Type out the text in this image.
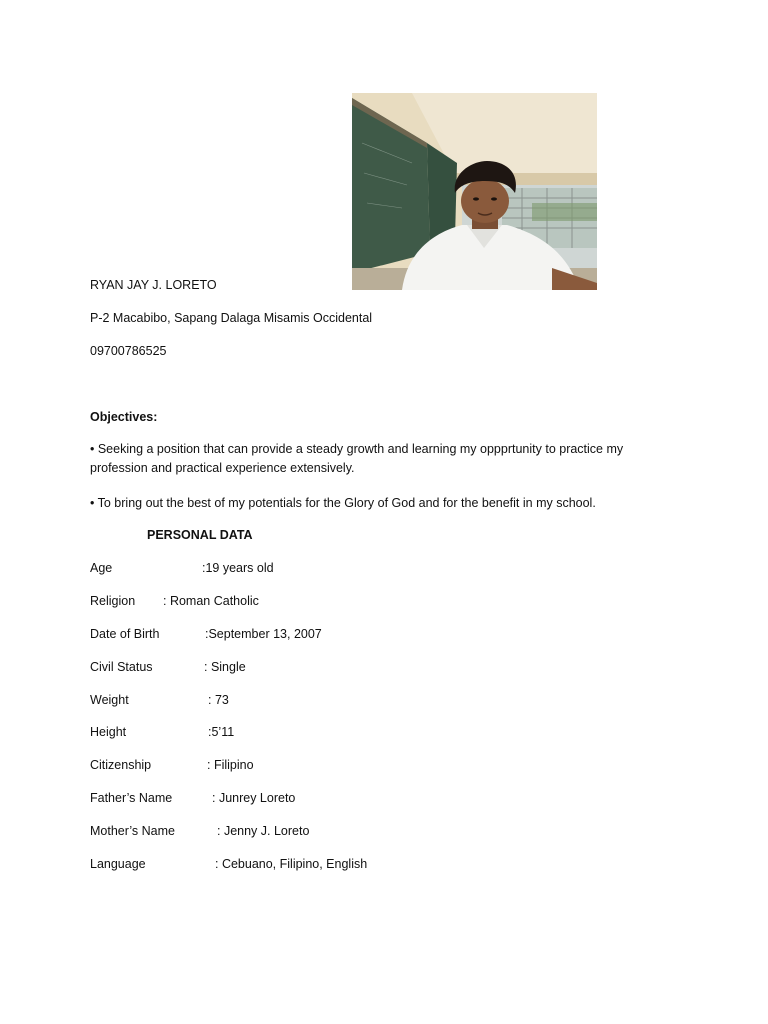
RYAN JAY J. LORETO
P-2 Macabibo, Sapang Dalaga Misamis Occidental
09700786525
Objectives:
• Seeking a position that can provide a steady growth and learning my oppprtunity to practice my profession and practical experience extensively.
• To bring out the best of my potentials for the Glory of God and for the benefit in my school.
PERSONAL DATA
Age	:19 years old
Religion : Roman Catholic
Date of Birth	:September 13, 2007
Civil Status	: Single
Weight	: 73
Height	:5’11
Citizenship	: Filipino
Father’s Name	: Junrey Loreto
Mother’s Name	: Jenny J. Loreto
Language	: Cebuano, Filipino, English
